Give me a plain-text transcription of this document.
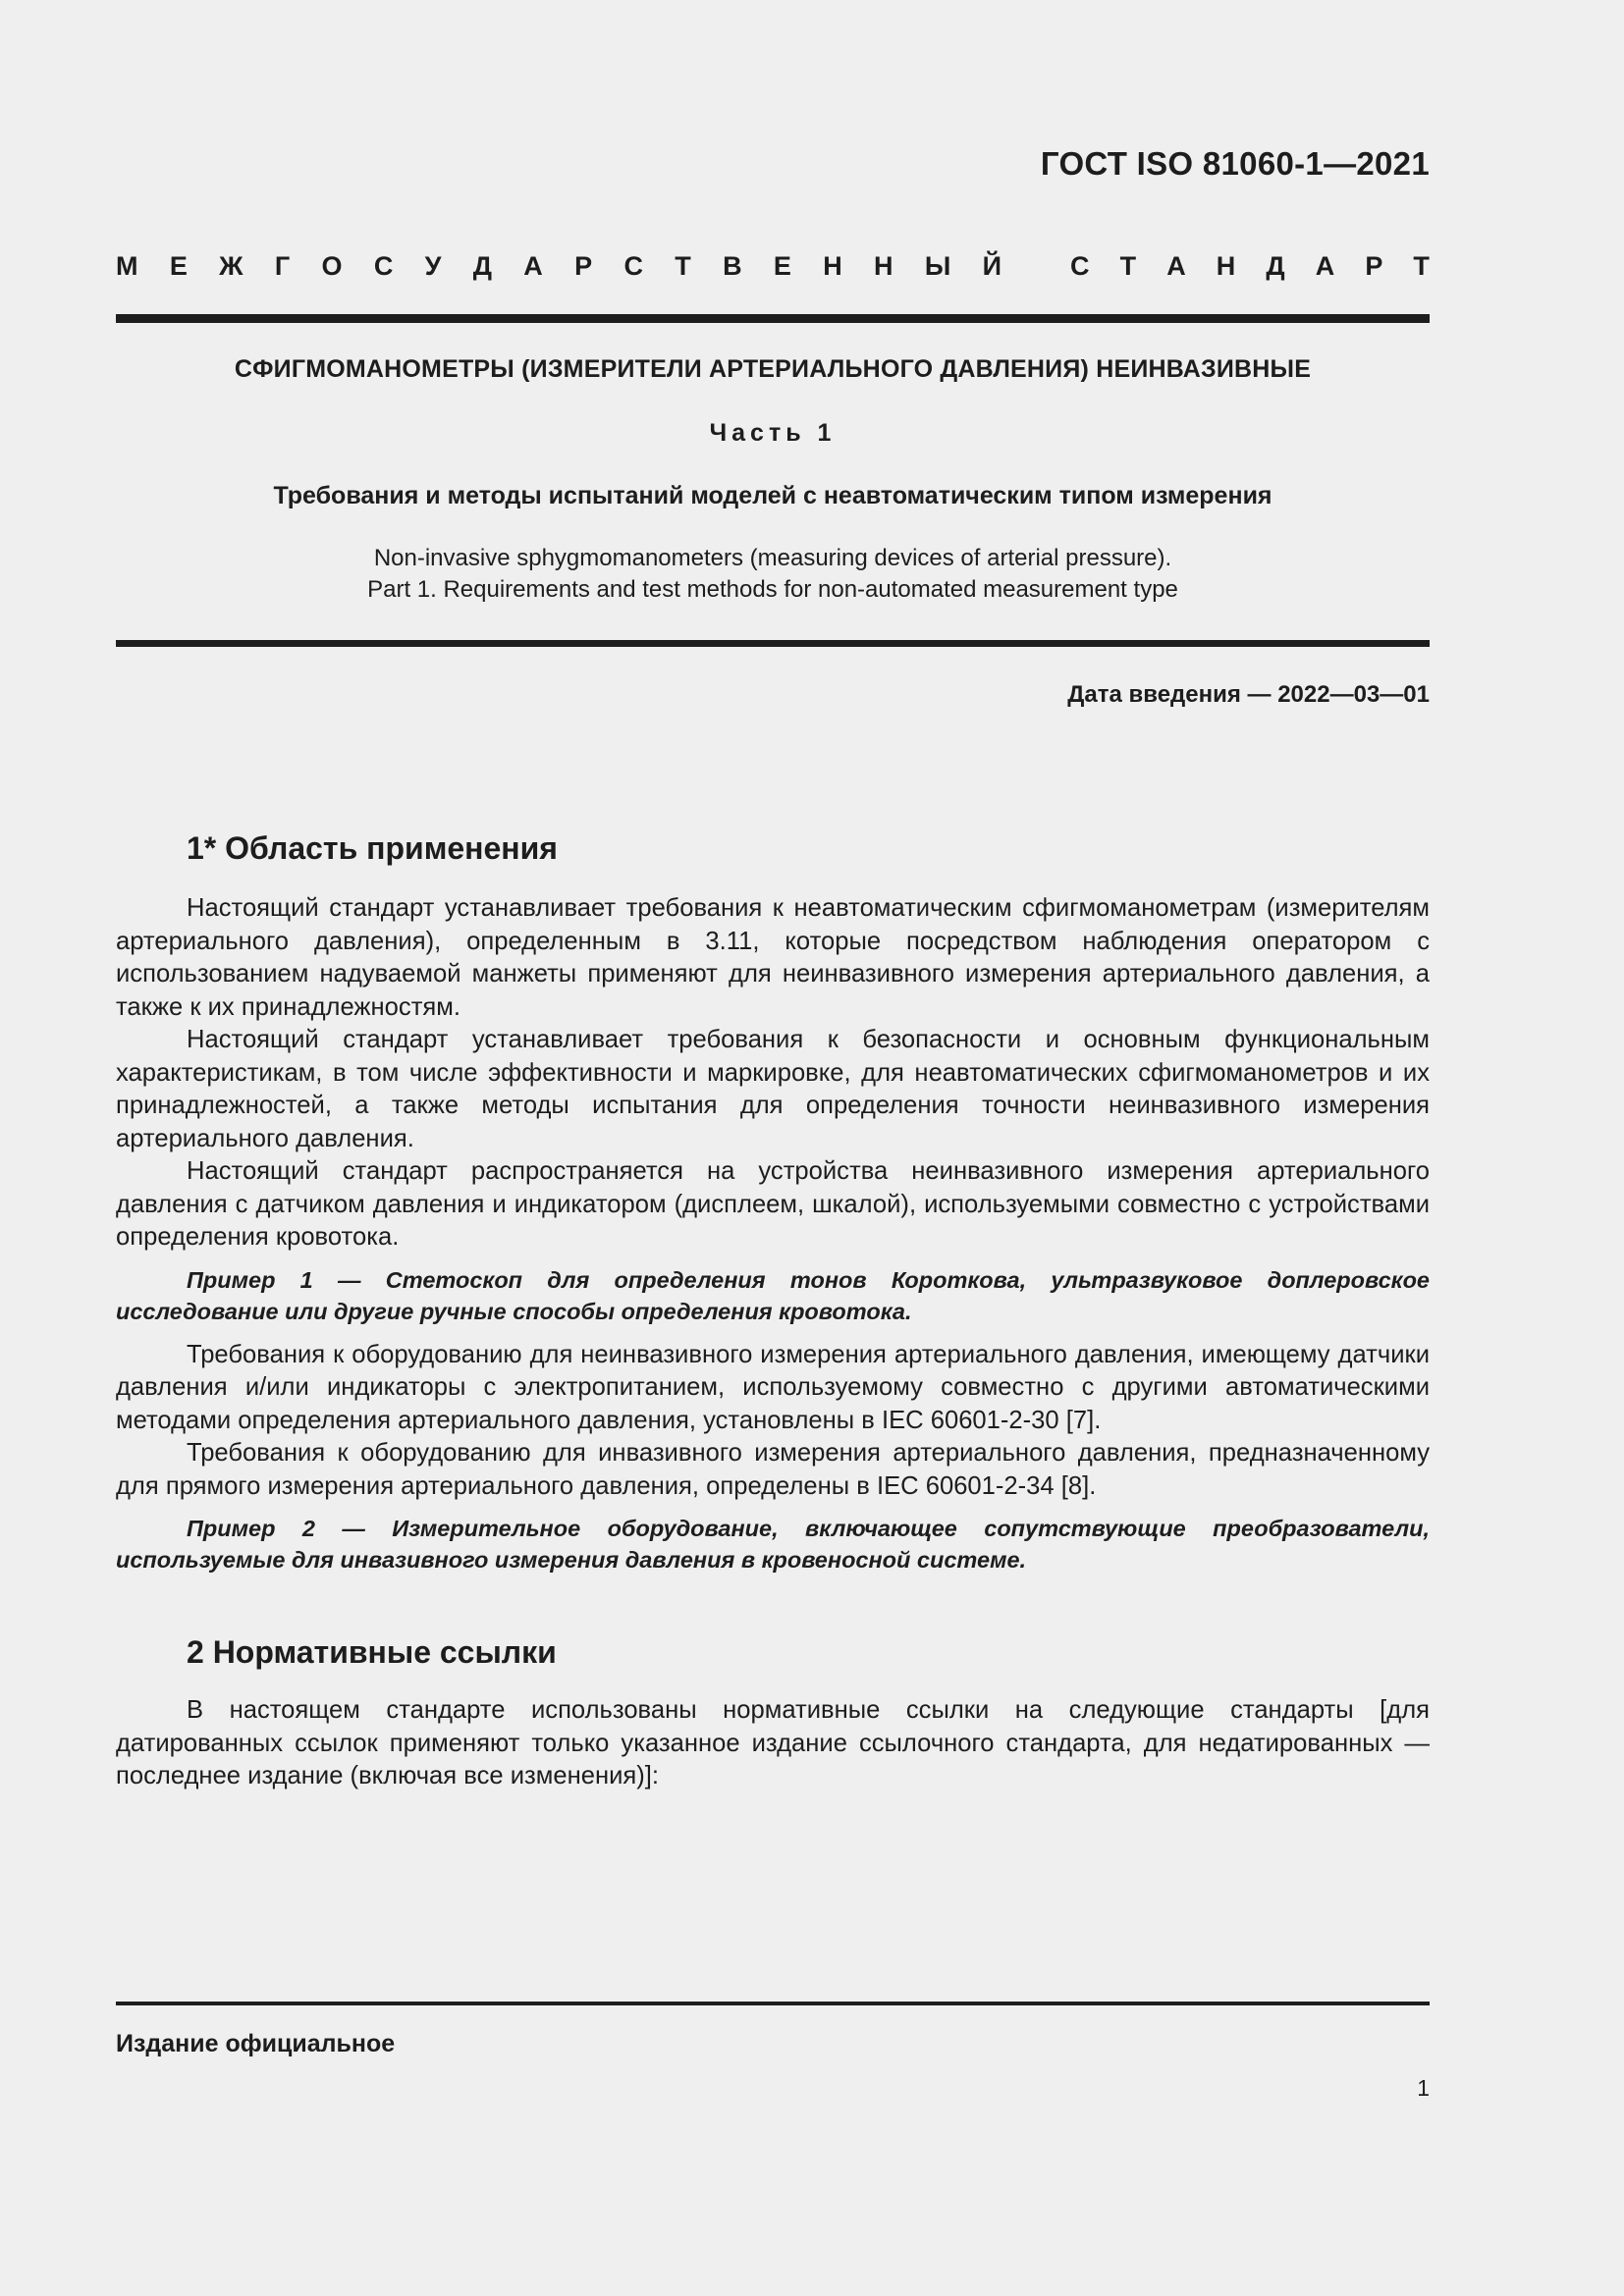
ГОСТ ISO 81060-1—2021
М Е Ж Г О С У Д А Р С Т В Е Н Н Ы Й	С Т А Н Д А Р Т
СФИГМОМАНОМЕТРЫ (ИЗМЕРИТЕЛИ АРТЕРИАЛЬНОГО ДАВЛЕНИЯ) НЕИНВАЗИВНЫЕ
Часть 1
Требования и методы испытаний моделей с неавтоматическим типом измерения
Non-invasive sphygmomanometers (measuring devices of arterial pressure).
Part 1. Requirements and test methods for non-automated measurement type
Дата введения — 2022—03—01
1* Область применения

Настоящий стандарт устанавливает требования к неавтоматическим сфигмоманометрам (измерителям артериального давления), определенным в 3.11, которые посредством наблюдения оператором с использованием надуваемой манжеты применяют для неинвазивного измерения артериального давления, а также к их принадлежностям.

Настоящий стандарт устанавливает требования к безопасности и основным функциональным характеристикам, в том числе эффективности и маркировке, для неавтоматических сфигмоманометров и их принадлежностей, а также методы испытания для определения точности неинвазивного измерения артериального давления.

Настоящий стандарт распространяется на устройства неинвазивного измерения артериального давления с датчиком давления и индикатором (дисплеем, шкалой), используемыми совместно с устройствами определения кровотока.

Пример 1 — Стетоскоп для определения тонов Короткова, ультразвуковое доплеровское исследование или другие ручные способы определения кровотока.

Требования к оборудованию для неинвазивного измерения артериального давления, имеющему датчики давления и/или индикаторы с электропитанием, используемому совместно с другими автоматическими методами определения артериального давления, установлены в IEC 60601-2-30 [7].

Требования к оборудованию для инвазивного измерения артериального давления, предназначенному для прямого измерения артериального давления, определены в IEC 60601-2-34 [8].

Пример 2 — Измерительное оборудование, включающее сопутствующие преобразователи, используемые для инвазивного измерения давления в кровеносной системе.

2 Нормативные ссылки

В настоящем стандарте использованы нормативные ссылки на следующие стандарты [для датированных ссылок применяют только указанное издание ссылочного стандарта, для недатированных — последнее издание (включая все изменения)]:

Издание официальное
1
